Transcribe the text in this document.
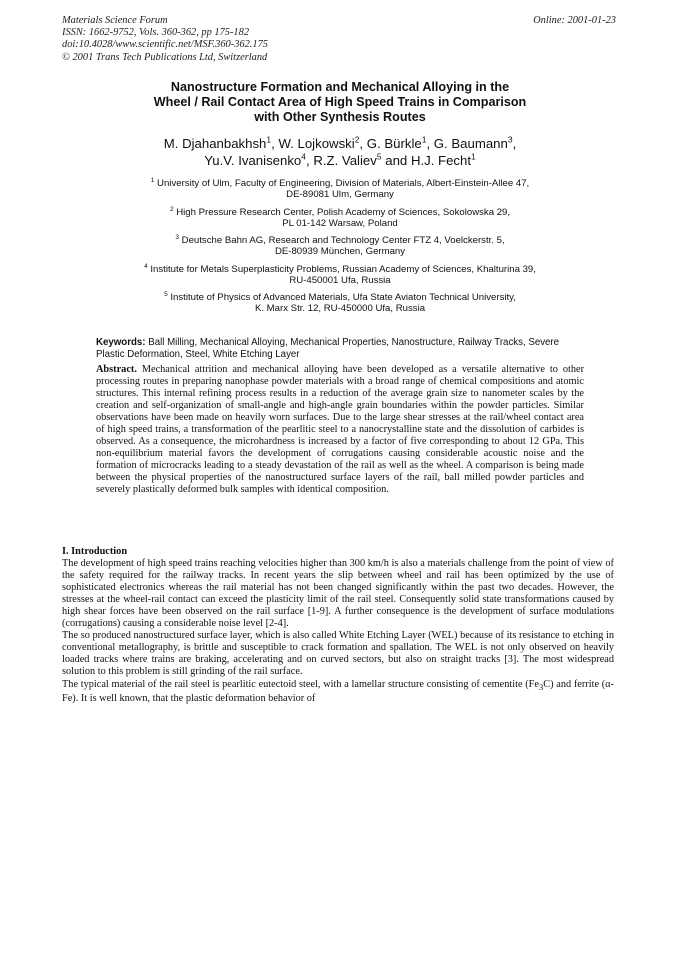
Materials Science Forum
ISSN: 1662-9752, Vols. 360-362, pp 175-182
doi:10.4028/www.scientific.net/MSF.360-362.175
© 2001 Trans Tech Publications Ltd, Switzerland
Online: 2001-01-23
Nanostructure Formation and Mechanical Alloying in the
Wheel / Rail Contact Area of High Speed Trains in Comparison
with Other Synthesis Routes
M. Djahanbakhsh$^1$, W. Lojkowski$^2$, G. Bürkle$^1$, G. Baumann$^3$,
Yu.V. Ivanisenko$^4$, R.Z. Valiev$^5$ and H.J. Fecht$^1$
$^1$ University of Ulm, Faculty of Engineering, Division of Materials, Albert-Einstein-Allee 47,
DE-89081 Ulm, Germany
$^2$ High Pressure Research Center, Polish Academy of Sciences, Sokolowska 29,
PL 01-142 Warsaw, Poland
$^3$ Deutsche Bahn AG, Research and Technology Center FTZ 4, Voelckerstr. 5,
DE-80939 München, Germany
$^4$ Institute for Metals Superplasticity Problems, Russian Academy of Sciences, Khalturina 39,
RU-450001 Ufa, Russia
$^5$ Institute of Physics of Advanced Materials, Ufa State Aviaton Technical University,
K. Marx Str. 12, RU-450000 Ufa, Russia
Keywords: Ball Milling, Mechanical Alloying, Mechanical Properties, Nanostructure, Railway Tracks, Severe Plastic Deformation, Steel, White Etching Layer
Abstract. Mechanical attrition and mechanical alloying have been developed as a versatile alternative to other processing routes in preparing nanophase powder materials with a broad range of chemical compositions and atomic structures. This internal refining process results in a reduction of the average grain size to nanometer scales by the creation and self-organization of small-angle and high-angle grain boundaries within the powder particles. Similar observations have been made on heavily worn surfaces. Due to the large shear stresses at the rail/wheel contact area of high speed trains, a transformation of the pearlitic steel to a nanocrystalline state and the dissolution of carbides is observed. As a consequence, the microhardness is increased by a factor of five corresponding to about 12 GPa. This non-equilibrium material favors the development of corrugations causing considerable acoustic noise and the formation of microcracks leading to a steady devastation of the rail as well as the wheel. A comparison is being made between the physical properties of the nanostructured surface layers of the rail, ball milled powder particles and severely plastically deformed bulk samples with identical composition.
I. Introduction

The development of high speed trains reaching velocities higher than 300 km/h is also a materials challenge from the point of view of the safety required for the railway tracks. In recent years the slip between wheel and rail has been optimized by the use of sophisticated electronics whereas the rail material has not been changed significantly within the past two decades. However, the stresses at the wheel-rail contact can exceed the plasticity limit of the rail steel. Consequently solid state transformations caused by high shear forces have been observed on the rail surface [1-9]. A further consequence is the development of surface modulations (corrugations) causing a considerable noise level [2-4].

The so produced nanostructured surface layer, which is also called White Etching Layer (WEL) because of its resistance to etching in conventional metallography, is brittle and susceptible to crack formation and spallation. The WEL is not only observed on heavily loaded tracks where trains are braking, accelerating and on curved sectors, but also on straight tracks [3]. The most widespread solution to this problem is still grinding of the rail surface.

The typical material of the rail steel is pearlitic eutectoid steel, with a lamellar structure consisting of cementite $(Fe_3C)$ and ferrite (α-Fe). It is well known, that the plastic deformation behavior of
